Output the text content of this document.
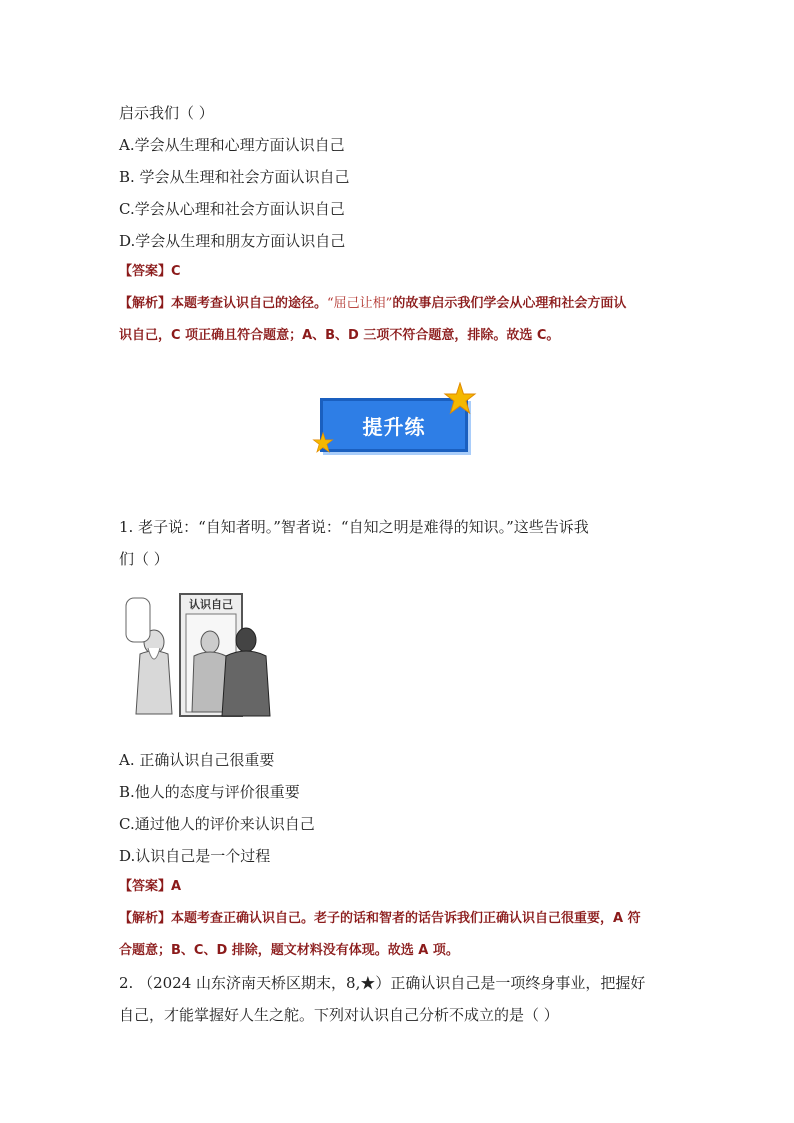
启示我们（ ）
A.学会从生理和心理方面认识自己
B. 学会从生理和社会方面认识自己
C.学会从心理和社会方面认识自己
D.学会从生理和朋友方面认识自己
【答案】C
【解析】本题考查认识自己的途径。“屈己让相”的故事启示我们学会从心理和社会方面认
识自己，C 项正确且符合题意；A、B、D 三项不符合题意，排除。故选 C。
提升练
1. 老子说：“自知者明。”智者说：“自知之明是难得的知识。”这些告诉我
们（ ）
认识自己
A. 正确认识自己很重要
B.他人的态度与评价很重要
C.通过他人的评价来认识自己
D.认识自己是一个过程
【答案】A
【解析】本题考查正确认识自己。老子的话和智者的话告诉我们正确认识自己很重要，A 符
合题意；B、C、D 排除，题文材料没有体现。故选 A 项。
2. （2024 山东济南天桥区期末，8,★）正确认识自己是一项终身事业，把握好
自己，才能掌握好人生之舵。下列对认识自己分析不成立的是（ ）
